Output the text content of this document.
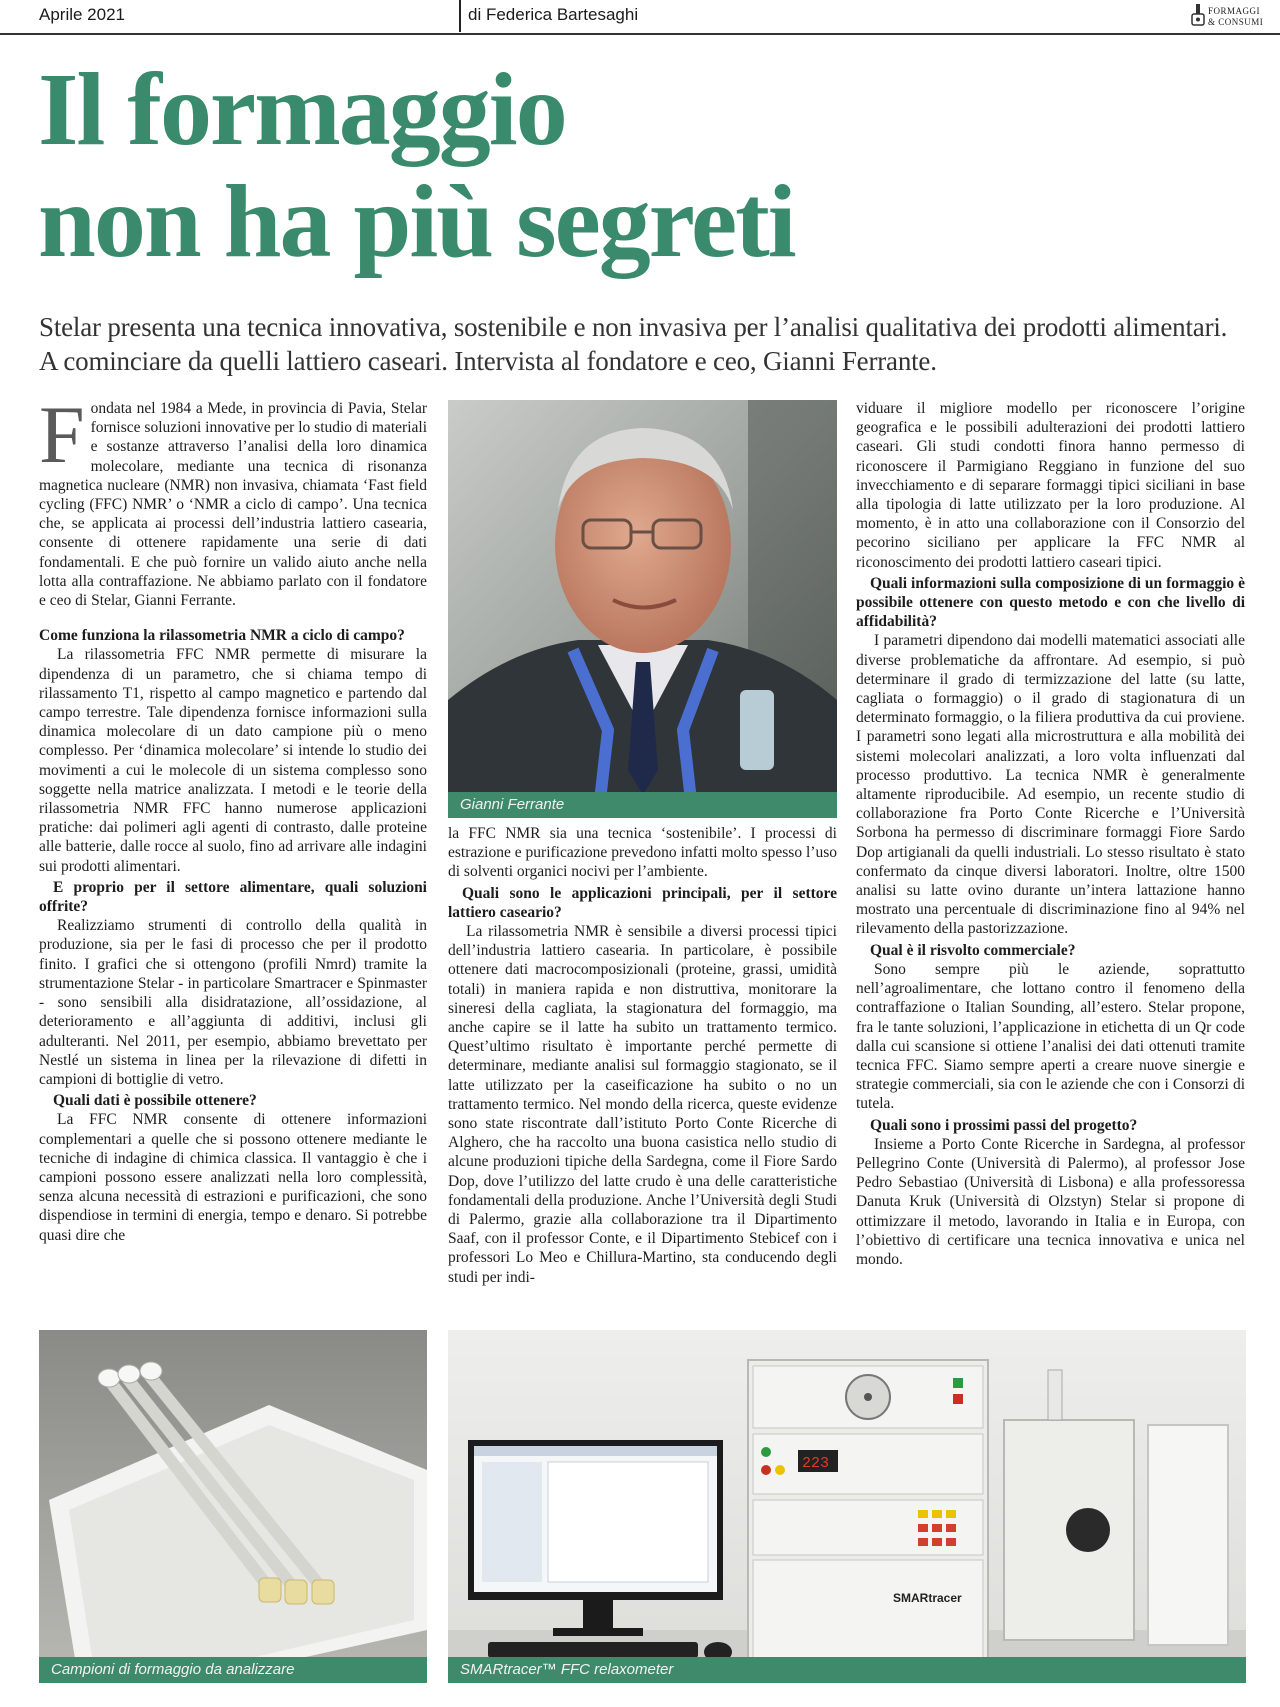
Aprile 2021	di Federica Bartesaghi	FORMAGGI
& CONSUMI
Il formaggio
non ha più segreti

Stelar presenta una tecnica innovativa, sostenibile e non invasiva per l’analisi qualitativa dei prodotti alimentari. A cominciare da quelli lattiero caseari. Intervista al fondatore e ceo, Gianni Ferrante.

Fondata nel 1984 a Mede, in provincia di Pavia, Stelar fornisce soluzioni innovative per lo studio di materiali e sostanze attraverso l’analisi della loro dinamica molecolare, mediante una tecnica di risonanza magnetica nucleare (NMR) non invasiva, chiamata ‘Fast field cycling (FFC) NMR’ o ‘NMR a ciclo di campo’. Una tecnica che, se applicata ai processi dell’industria lattiero casearia, consente di ottenere rapidamente una serie di dati fondamentali. E che può fornire un valido aiuto anche nella lotta alla contraffazione. Ne abbiamo parlato con il fondatore e ceo di Stelar, Gianni Ferrante.

Come funziona la rilassometria NMR a ciclo di campo?

La rilassometria FFC NMR permette di misurare la dipendenza di un parametro, che si chiama tempo di rilassamento T1, rispetto al campo magnetico e partendo dal campo terrestre. Tale dipendenza fornisce informazioni sulla dinamica molecolare di un dato campione più o meno complesso. Per ‘dinamica molecolare’ si intende lo studio dei movimenti a cui le molecole di un sistema complesso sono soggette nella matrice analizzata. I metodi e le teorie della rilassometria NMR FFC hanno numerose applicazioni pratiche: dai polimeri agli agenti di contrasto, dalle proteine alle batterie, dalle rocce al suolo, fino ad arrivare alle indagini sui prodotti alimentari.

E proprio per il settore alimentare, quali soluzioni offrite?

Realizziamo strumenti di controllo della qualità in produzione, sia per le fasi di processo che per il prodotto finito. I grafici che si ottengono (profili Nmrd) tramite la strumentazione Stelar - in particolare Smartracer e Spinmaster - sono sensibili alla disidratazione, all’ossidazione, al deterioramento e all’aggiunta di additivi, inclusi gli adulteranti. Nel 2011, per esempio, abbiamo brevettato per Nestlé un sistema in linea per la rilevazione di difetti in campioni di bottiglie di vetro.

Quali dati è possibile ottenere?

La FFC NMR consente di ottenere informazioni complementari a quelle che si possono ottenere mediante le tecniche di indagine di chimica classica. Il vantaggio è che i campioni possono essere analizzati nella loro complessità, senza alcuna necessità di estrazioni e purificazioni, che sono dispendiose in termini di energia, tempo e denaro. Si potrebbe quasi dire che

Gianni Ferrante

la FFC NMR sia una tecnica ‘sostenibile’. I processi di estrazione e purificazione prevedono infatti molto spesso l’uso di solventi organici nocivi per l’ambiente.

Quali sono le applicazioni principali, per il settore lattiero caseario?

La rilassometria NMR è sensibile a diversi processi tipici dell’industria lattiero casearia. In particolare, è possibile ottenere dati macrocomposizionali (proteine, grassi, umidità totali) in maniera rapida e non distruttiva, monitorare la sineresi della cagliata, la stagionatura del formaggio, ma anche capire se il latte ha subito un trattamento termico. Quest’ultimo risultato è importante perché permette di determinare, mediante analisi sul formaggio stagionato, se il latte utilizzato per la caseificazione ha subito o no un trattamento termico. Nel mondo della ricerca, queste evidenze sono state riscontrate dall’istituto Porto Conte Ricerche di Alghero, che ha raccolto una buona casistica nello studio di alcune produzioni tipiche della Sardegna, come il Fiore Sardo Dop, dove l’utilizzo del latte crudo è una delle caratteristiche fondamentali della produzione. Anche l’Università degli Studi di Palermo, grazie alla collaborazione tra il Dipartimento Saaf, con il professor Conte, e il Dipartimento Stebicef con i professori Lo Meo e Chillura-Martino, sta conducendo degli studi per indi-

viduare il migliore modello per riconoscere l’origine geografica e le possibili adulterazioni dei prodotti lattiero caseari. Gli studi condotti finora hanno permesso di riconoscere il Parmigiano Reggiano in funzione del suo invecchiamento e di separare formaggi tipici siciliani in base alla tipologia di latte utilizzato per la loro produzione. Al momento, è in atto una collaborazione con il Consorzio del pecorino siciliano per applicare la FFC NMR al riconoscimento dei prodotti lattiero caseari tipici.

Quali informazioni sulla composizione di un formaggio è possibile ottenere con questo metodo e con che livello di affidabilità?

I parametri dipendono dai modelli matematici associati alle diverse problematiche da affrontare. Ad esempio, si può determinare il grado di termizzazione del latte (su latte, cagliata o formaggio) o il grado di stagionatura di un determinato formaggio, o la filiera produttiva da cui proviene. I parametri sono legati alla microstruttura e alla mobilità dei sistemi molecolari analizzati, a loro volta influenzati dal processo produttivo. La tecnica NMR è generalmente altamente riproducibile. Ad esempio, un recente studio di collaborazione fra Porto Conte Ricerche e l’Università Sorbona ha permesso di discriminare formaggi Fiore Sardo Dop artigianali da quelli industriali. Lo stesso risultato è stato confermato da cinque diversi laboratori. Inoltre, oltre 1500 analisi su latte ovino durante un’intera lattazione hanno mostrato una percentuale di discriminazione fino al 94% nel rilevamento della pastorizzazione.

Qual è il risvolto commerciale?

Sono sempre più le aziende, soprattutto nell’agroalimentare, che lottano contro il fenomeno della contraffazione o Italian Sounding, all’estero. Stelar propone, fra le tante soluzioni, l’applicazione in etichetta di un Qr code dalla cui scansione si ottiene l’analisi dei dati ottenuti tramite tecnica FFC. Siamo sempre aperti a creare nuove sinergie e strategie commerciali, sia con le aziende che con i Consorzi di tutela.

Quali sono i prossimi passi del progetto?

Insieme a Porto Conte Ricerche in Sardegna, al professor Pellegrino Conte (Università di Palermo), al professor Jose Pedro Sebastiao (Università di Lisbona) e alla professoressa Danuta Kruk (Università di Olzstyn) Stelar si propone di ottimizzare il metodo, lavorando in Italia e in Europa, con l’obiettivo di certificare una tecnica innovativa e unica nel mondo.

Campioni di formaggio da analizzare
223
SMARtracer
SMARtracer™ FFC relaxometer
